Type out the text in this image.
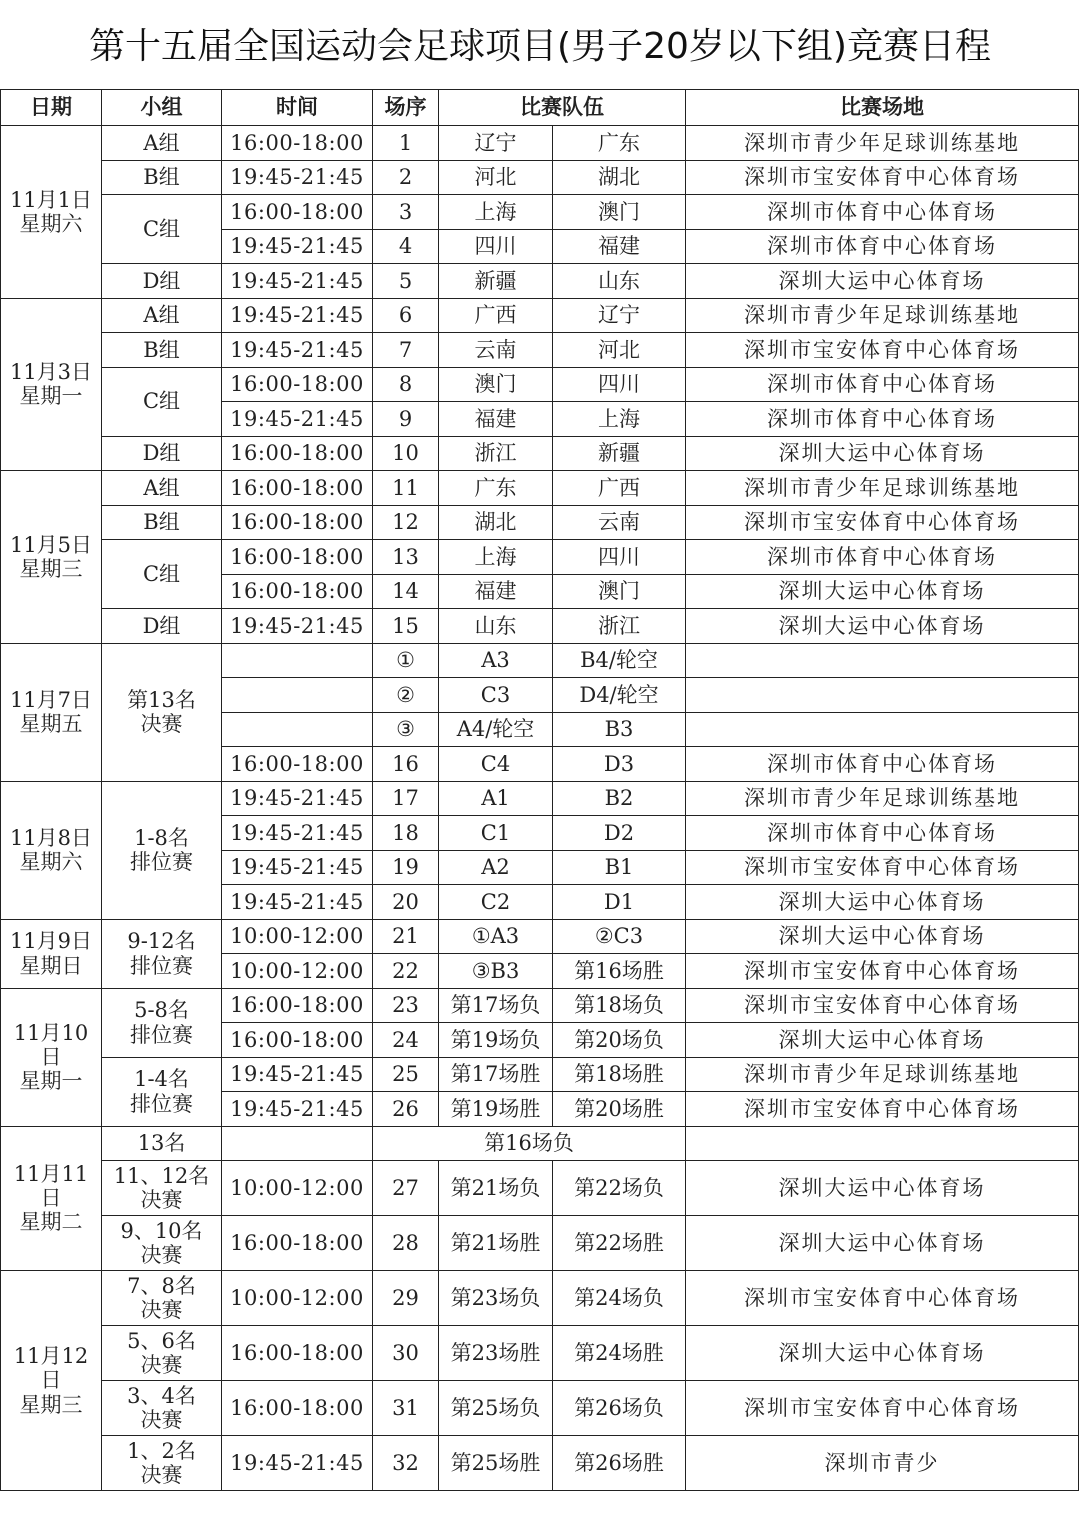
第十五届全国运动会足球项目(男子20岁以下组)竞赛日程
日期	小组	时间	场序	比赛队伍		比赛场地
11月1日
星期六	A组	16:00-18:00	1	辽宁	广东	深圳市青少年足球训练基地
	B组	19:45-21:45	2	河北	湖北	深圳市宝安体育中心体育场
	C组	16:00-18:00	3	上海	澳门	深圳市体育中心体育场
		19:45-21:45	4	四川	福建	深圳市体育中心体育场
	D组	19:45-21:45	5	新疆	山东	深圳大运中心体育场
11月3日
星期一	A组	19:45-21:45	6	广西	辽宁	深圳市青少年足球训练基地
	B组	19:45-21:45	7	云南	河北	深圳市宝安体育中心体育场
	C组	16:00-18:00	8	澳门	四川	深圳市体育中心体育场
		19:45-21:45	9	福建	上海	深圳市体育中心体育场
	D组	16:00-18:00	10	浙江	新疆	深圳大运中心体育场
11月5日
星期三	A组	16:00-18:00	11	广东	广西	深圳市青少年足球训练基地
	B组	16:00-18:00	12	湖北	云南	深圳市宝安体育中心体育场
	C组	16:00-18:00	13	上海	四川	深圳市体育中心体育场
		16:00-18:00	14	福建	澳门	深圳大运中心体育场
	D组	19:45-21:45	15	山东	浙江	深圳大运中心体育场
11月7日
星期五	第13名
决赛		①	A3	B4/轮空	
			②	C3	D4/轮空	
			③	A4/轮空	B3	
		16:00-18:00	16	C4	D3	深圳市体育中心体育场
11月8日
星期六	1-8名
排位赛	19:45-21:45	17	A1	B2	深圳市青少年足球训练基地
		19:45-21:45	18	C1	D2	深圳市体育中心体育场
		19:45-21:45	19	A2	B1	深圳市宝安体育中心体育场
		19:45-21:45	20	C2	D1	深圳大运中心体育场
11月9日
星期日	9-12名
排位赛	10:00-12:00	21	①A3	②C3	深圳大运中心体育场
		10:00-12:00	22	③B3	第16场胜	深圳市宝安体育中心体育场
11月10
日
星期一	5-8名
排位赛	16:00-18:00	23	第17场负	第18场负	深圳市宝安体育中心体育场
		16:00-18:00	24	第19场负	第20场负	深圳大运中心体育场
	1-4名
排位赛	19:45-21:45	25	第17场胜	第18场胜	深圳市青少年足球训练基地
		19:45-21:45	26	第19场胜	第20场胜	深圳市宝安体育中心体育场
11月11
日
星期二	13名		第16场负			
	11、12名
决赛	10:00-12:00	27	第21场负	第22场负	深圳大运中心体育场
	9、10名
决赛	16:00-18:00	28	第21场胜	第22场胜	深圳大运中心体育场
11月12
日
星期三	7、8名
决赛	10:00-12:00	29	第23场负	第24场负	深圳市宝安体育中心体育场
	5、6名
决赛	16:00-18:00	30	第23场胜	第24场胜	深圳大运中心体育场
	3、4名
决赛	16:00-18:00	31	第25场负	第26场负	深圳市宝安体育中心体育场
	1、2名
决赛	19:45-21:45	32	第25场胜	第26场胜	深圳市青少
